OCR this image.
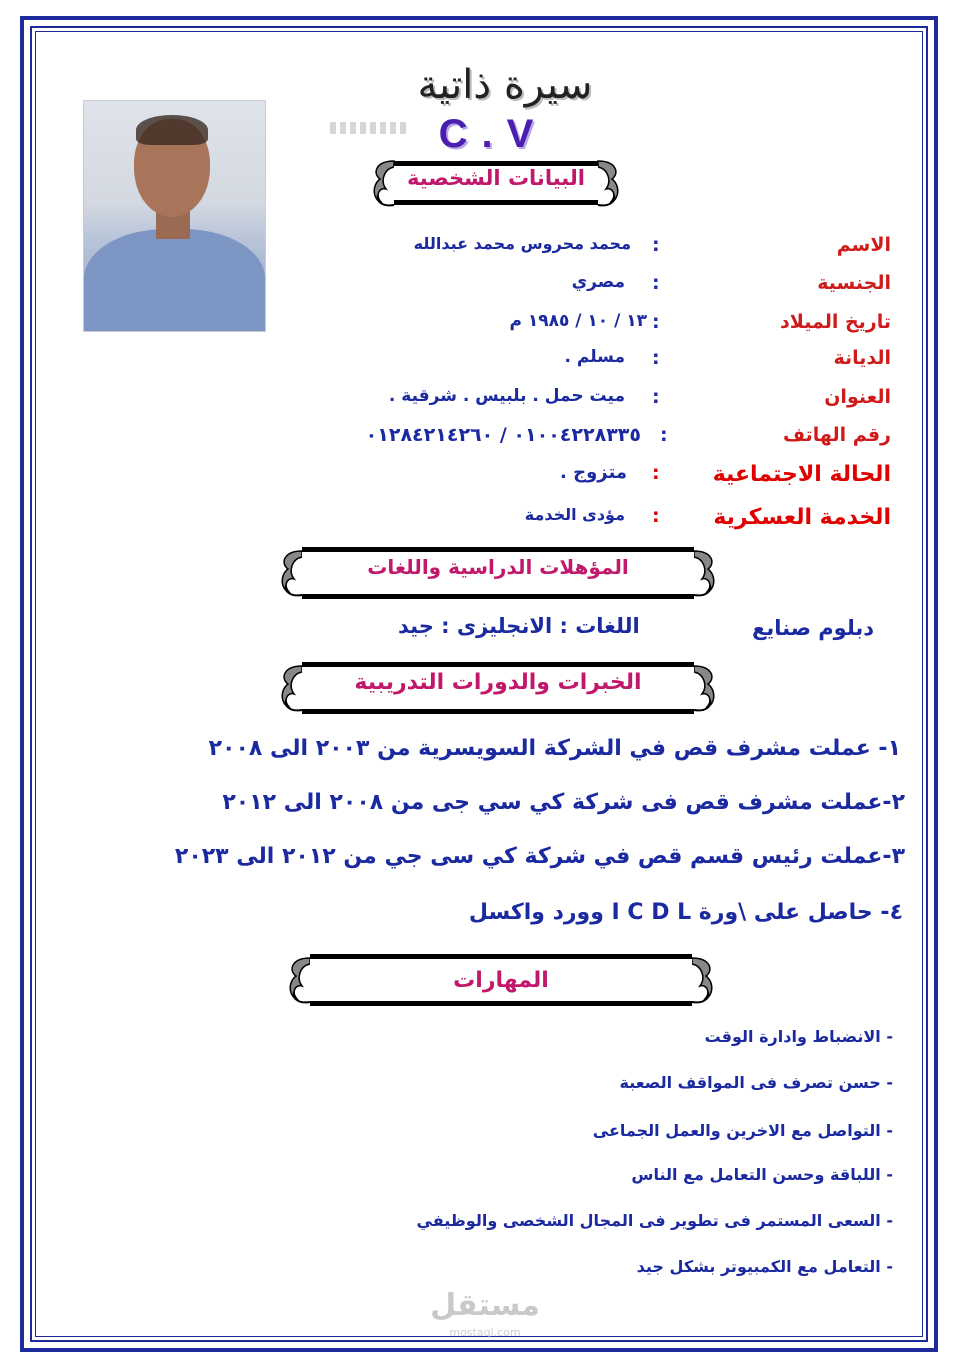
سيرة ذاتية
C.V
البيانات الشخصية
الاسم
:
محمد محروس محمد عبدالله
الجنسية
:
مصري
تاريخ الميلاد
:
١٣ / ١٠ / ١٩٨٥ م
الديانة
:
مسلم .
العنوان
:
ميت حمل . بلبيس . شرقية .
رقم الهاتف
:
٠١٠٠٤٢٢٨٣٣٥ / ٠١٢٨٤٢١٤٢٦٠
الحالة الاجتماعية
:
متزوج .
الخدمة العسكرية
:
مؤدى الخدمة
المؤهلات الدراسية واللغات
دبلوم صنايع
اللغات : الانجليزى : جيد
الخبرات والدورات التدريبية
١- عملت مشرف قص في الشركة السويسرية من ٢٠٠٣ الى ٢٠٠٨
٢-عملت مشرف قص فى شركة كي سي جى من ٢٠٠٨ الى ٢٠١٢
٣-عملت رئيس قسم قص في شركة كي سى جي من ٢٠١٢ الى ٢٠٢٣
٤- حاصل على \ورة I C D L وورد واكسل
المهارات
- الانضباط وادارة الوقت
- حسن تصرف فى المواقف الصعبة
- التواصل مع الاخرين والعمل الجماعى
- اللباقة وحسن التعامل مع الناس
- السعى المستمر فى تطوير فى المجال الشخصى والوظيفي
- التعامل مع الكمبيوتر بشكل جيد
مستقل
mostaql.com
